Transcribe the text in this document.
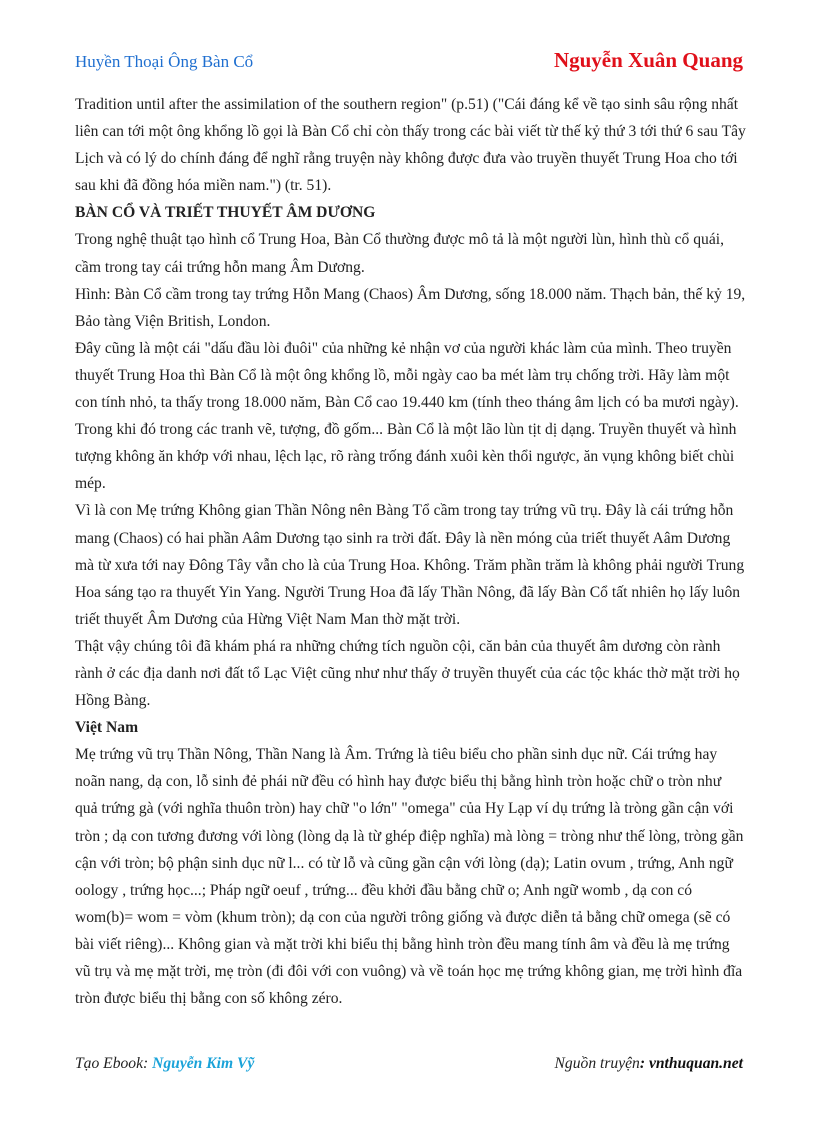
Huyền Thoại Ông Bàn Cổ	Nguyễn Xuân Quang

Tradition until after the assimilation of the southern region" (p.51) ("Cái đáng kể về tạo sinh sâu rộng nhất liên can tới một ông khổng lồ gọi là Bàn Cổ chỉ còn thấy trong các bài viết từ thế kỷ thứ 3 tới thứ 6 sau Tây Lịch và có lý do chính đáng để nghĩ rằng truyện này không được đưa vào truyền thuyết Trung Hoa cho tới sau khi đã đồng hóa miền nam.") (tr. 51).

BÀN CỔ VÀ TRIẾT THUYẾT ÂM DƯƠNG

Trong nghệ thuật tạo hình cổ Trung Hoa, Bàn Cổ thường được mô tả là một người lùn, hình thù cổ quái, cầm trong tay cái trứng hỗn mang Âm Dương.

Hình: Bàn Cổ cầm trong tay trứng Hỗn Mang (Chaos) Âm Dương, sống 18.000 năm. Thạch bản, thế kỷ 19, Bảo tàng Viện British, London.

Đây cũng là một cái "dấu đầu lòi đuôi" của những kẻ nhận vơ của người khác làm của mình. Theo truyền thuyết Trung Hoa thì Bàn Cổ là một ông khổng lồ, mỗi ngày cao ba mét làm trụ chống trời. Hãy làm một con tính nhỏ, ta thấy trong 18.000 năm, Bàn Cổ cao 19.440 km (tính theo tháng âm lịch có ba mươi ngày). Trong khi đó trong các tranh vẽ, tượng, đồ gốm... Bàn Cổ là một lão lùn tịt dị dạng. Truyền thuyết và hình tượng không ăn khớp với nhau, lệch lạc, rõ ràng trống đánh xuôi kèn thổi ngược, ăn vụng không biết chùi mép.

Vì là con Mẹ trứng Không gian Thần Nông nên Bàng Tổ cầm trong tay trứng vũ trụ. Đây là cái trứng hỗn mang (Chaos) có hai phần Aâm Dương tạo sinh ra trời đất. Đây là nền móng của triết thuyết Aâm Dương mà từ xưa tới nay Đông Tây vẫn cho là của Trung Hoa. Không. Trăm phần trăm là không phải người Trung Hoa sáng tạo ra thuyết Yin Yang. Người Trung Hoa đã lấy Thần Nông, đã lấy Bàn Cổ tất nhiên họ lấy luôn triết thuyết Âm Dương của Hừng Việt Nam Man thờ mặt trời.

Thật vậy chúng tôi đã khám phá ra những chứng tích nguồn cội, căn bản của thuyết âm dương còn rành rành ở các địa danh nơi đất tổ Lạc Việt cũng như như thấy ở truyền thuyết của các tộc khác thờ mặt trời họ Hồng Bàng.

Việt Nam

Mẹ trứng vũ trụ Thần Nông, Thần Nang là Âm. Trứng là tiêu biểu cho phần sinh dục nữ. Cái trứng hay noãn nang, dạ con, lỗ sinh đẻ phái nữ đều có hình hay được biểu thị bằng hình tròn hoặc chữ o tròn như quả trứng gà (với nghĩa thuôn tròn) hay chữ "o lớn" "omega" của Hy Lạp ví dụ trứng là tròng gần cận với tròn ; dạ con tương đương với lòng (lòng dạ là từ ghép điệp nghĩa) mà lòng = tròng như thế lòng, tròng gần cận với tròn; bộ phận sinh dục nữ l... có từ lỗ và cũng gần cận với lòng (dạ); Latin ovum , trứng, Anh ngữ oology , trứng học...; Pháp ngữ oeuf , trứng... đều khởi đầu bằng chữ o; Anh ngữ womb , dạ con có wom(b)= wom = vòm (khum tròn); dạ con của người trông giống và được diễn tả bằng chữ omega (sẽ có bài viết riêng)... Không gian và mặt trời khi biểu thị bằng hình tròn đều mang tính âm và đều là mẹ trứng vũ trụ và mẹ mặt trời, mẹ tròn (đi đôi với con vuông) và về toán học mẹ trứng không gian, mẹ trời hình đĩa tròn được biểu thị bằng con số không zéro.

Tạo Ebook: Nguyễn Kim Vỹ	Nguồn truyện: vnthuquan.net
